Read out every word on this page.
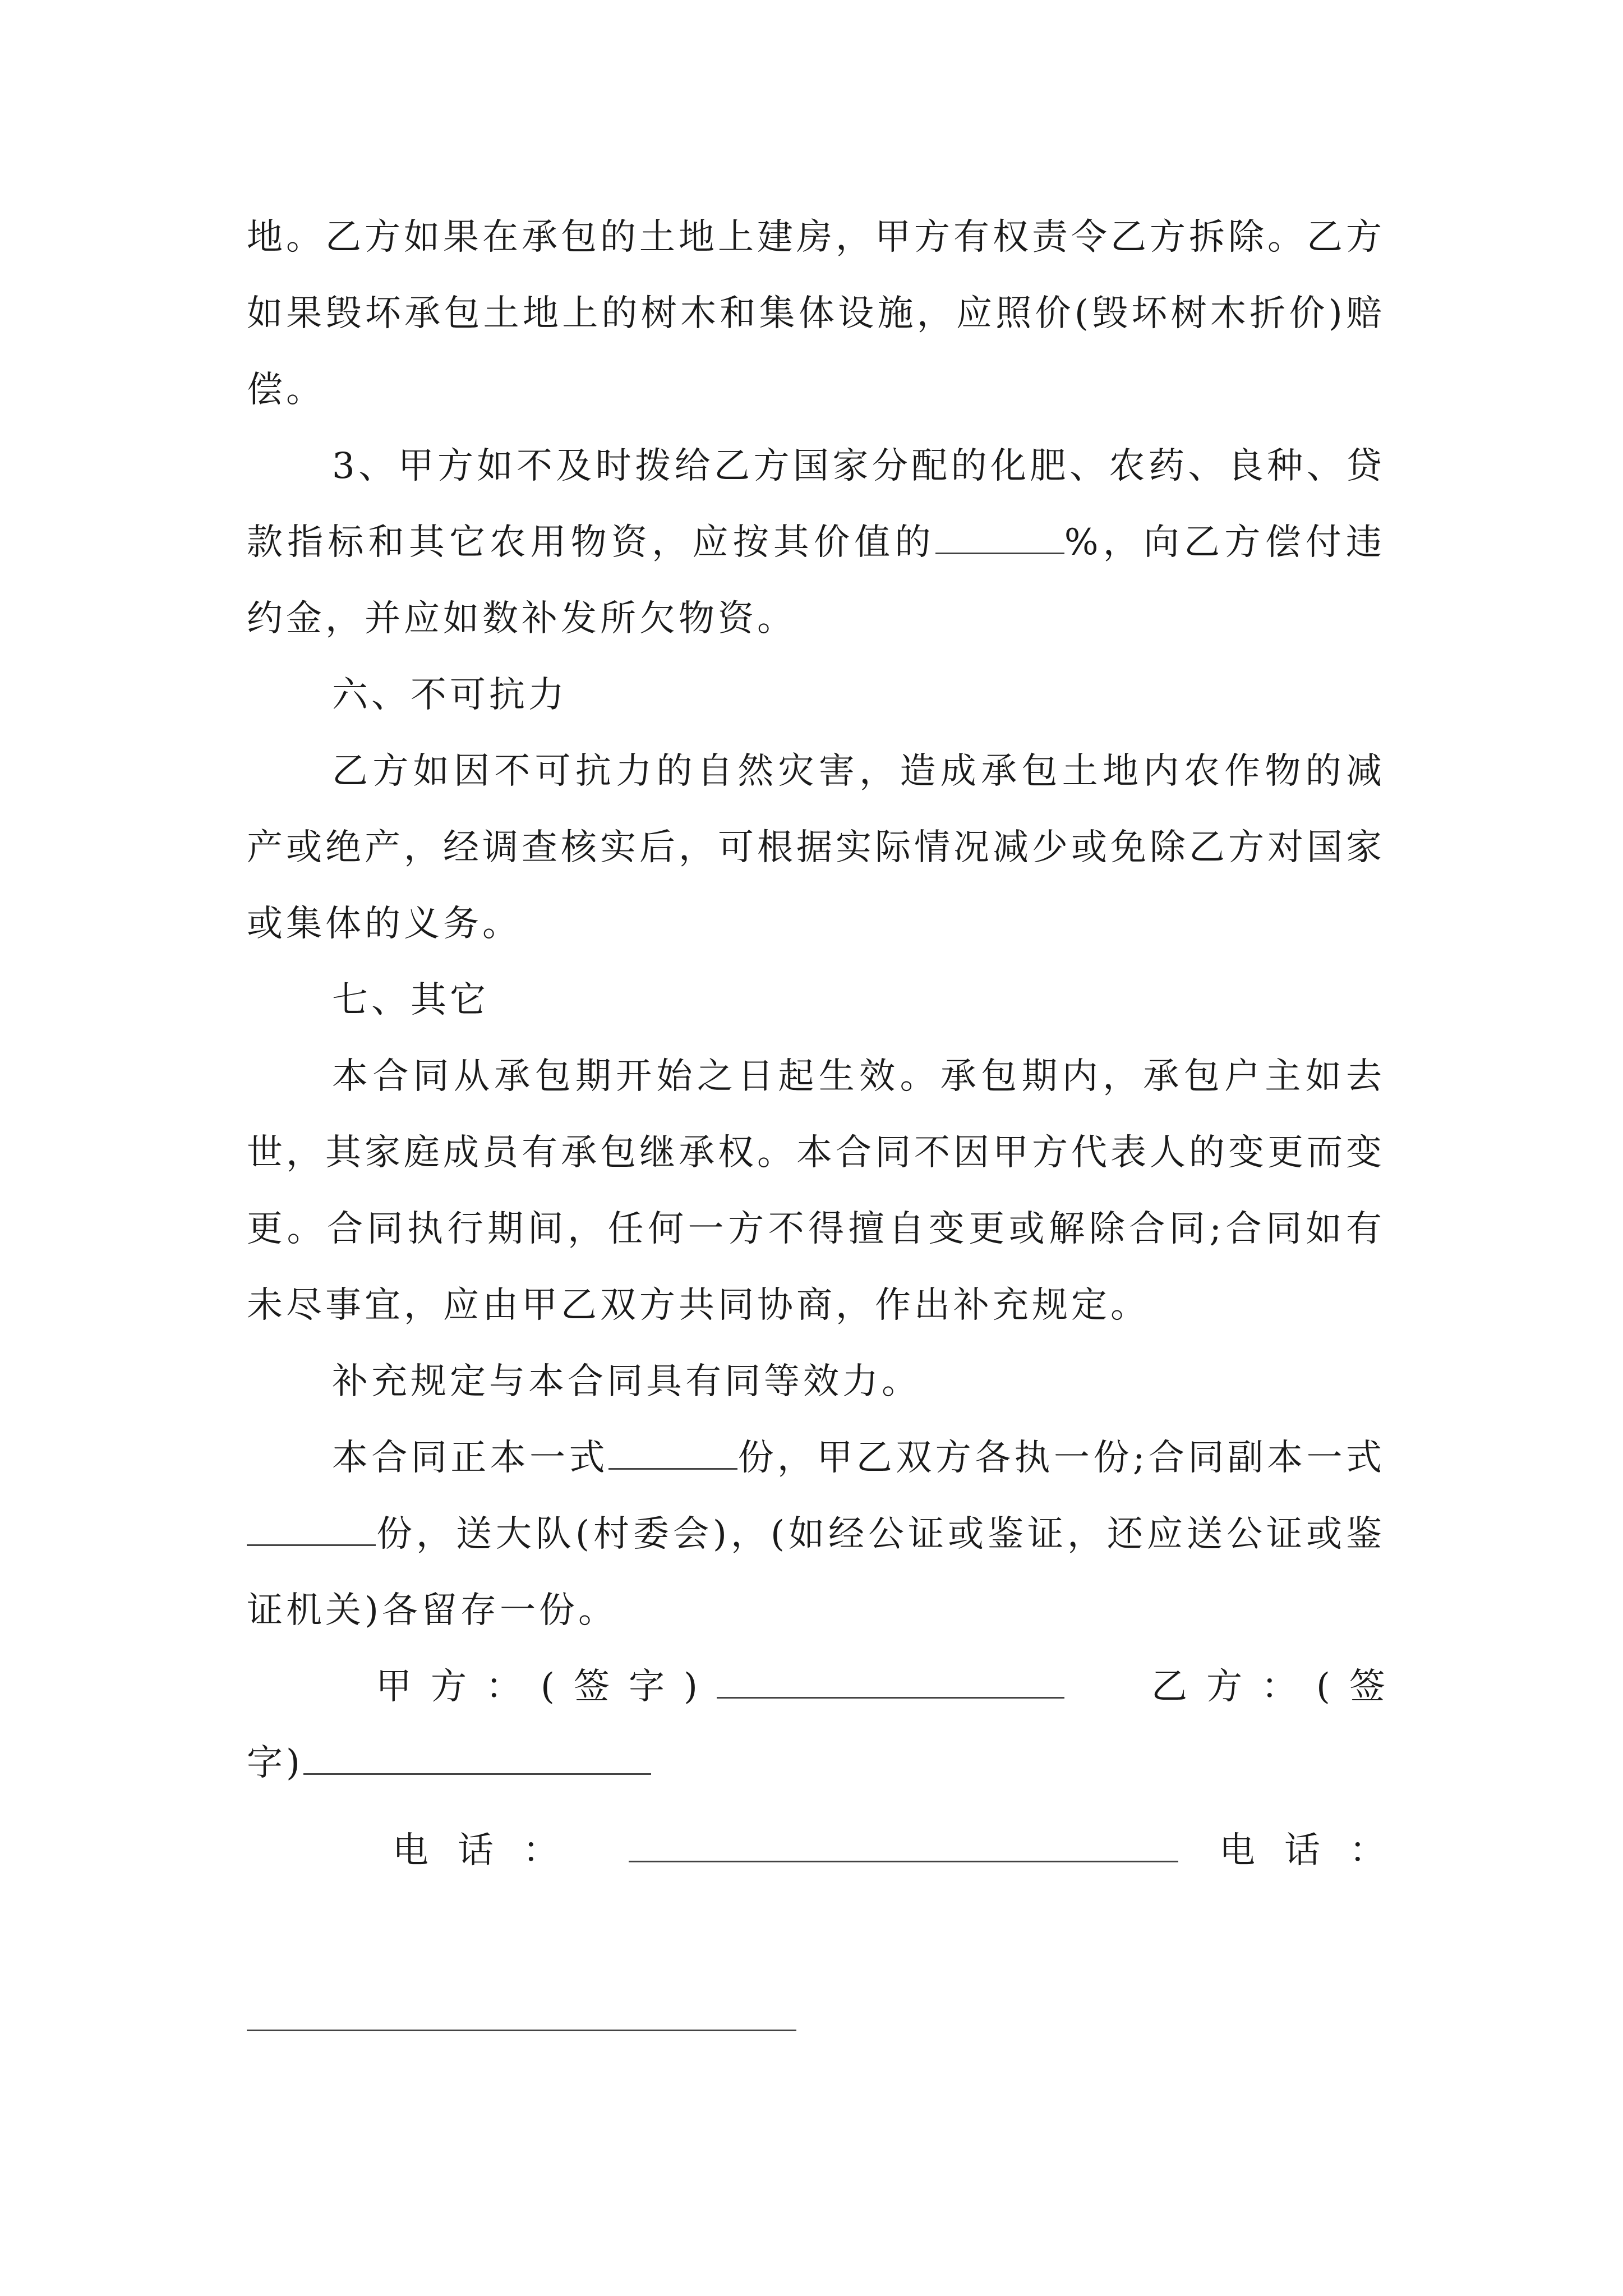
地。乙方如果在承包的土地上建房，甲方有权责令乙方拆除。乙方如果毁坏承包土地上的树木和集体设施，应照价(毁坏树木折价)赔偿。

3、甲方如不及时拨给乙方国家分配的化肥、农药、良种、贷款指标和其它农用物资，应按其价值的	%，向乙方偿付违约金，并应如数补发所欠物资。

六、不可抗力

乙方如因不可抗力的自然灾害，造成承包土地内农作物的减产或绝产，经调查核实后，可根据实际情况减少或免除乙方对国家或集体的义务。

七、其它

本合同从承包期开始之日起生效。承包期内，承包户主如去世，其家庭成员有承包继承权。本合同不因甲方代表人的变更而变更。合同执行期间，任何一方不得擅自变更或解除合同;合同如有未尽事宜，应由甲乙双方共同协商，作出补充规定。

补充规定与本合同具有同等效力。

本合同正本一式	份，甲乙双方各执一份;合同副本一式份，送大队(村委会)，(如经公证或鉴证，还应送公证或鉴证机关)各留存一份。

甲方：(签字)	乙方：(签

字)

电话：	电话：
